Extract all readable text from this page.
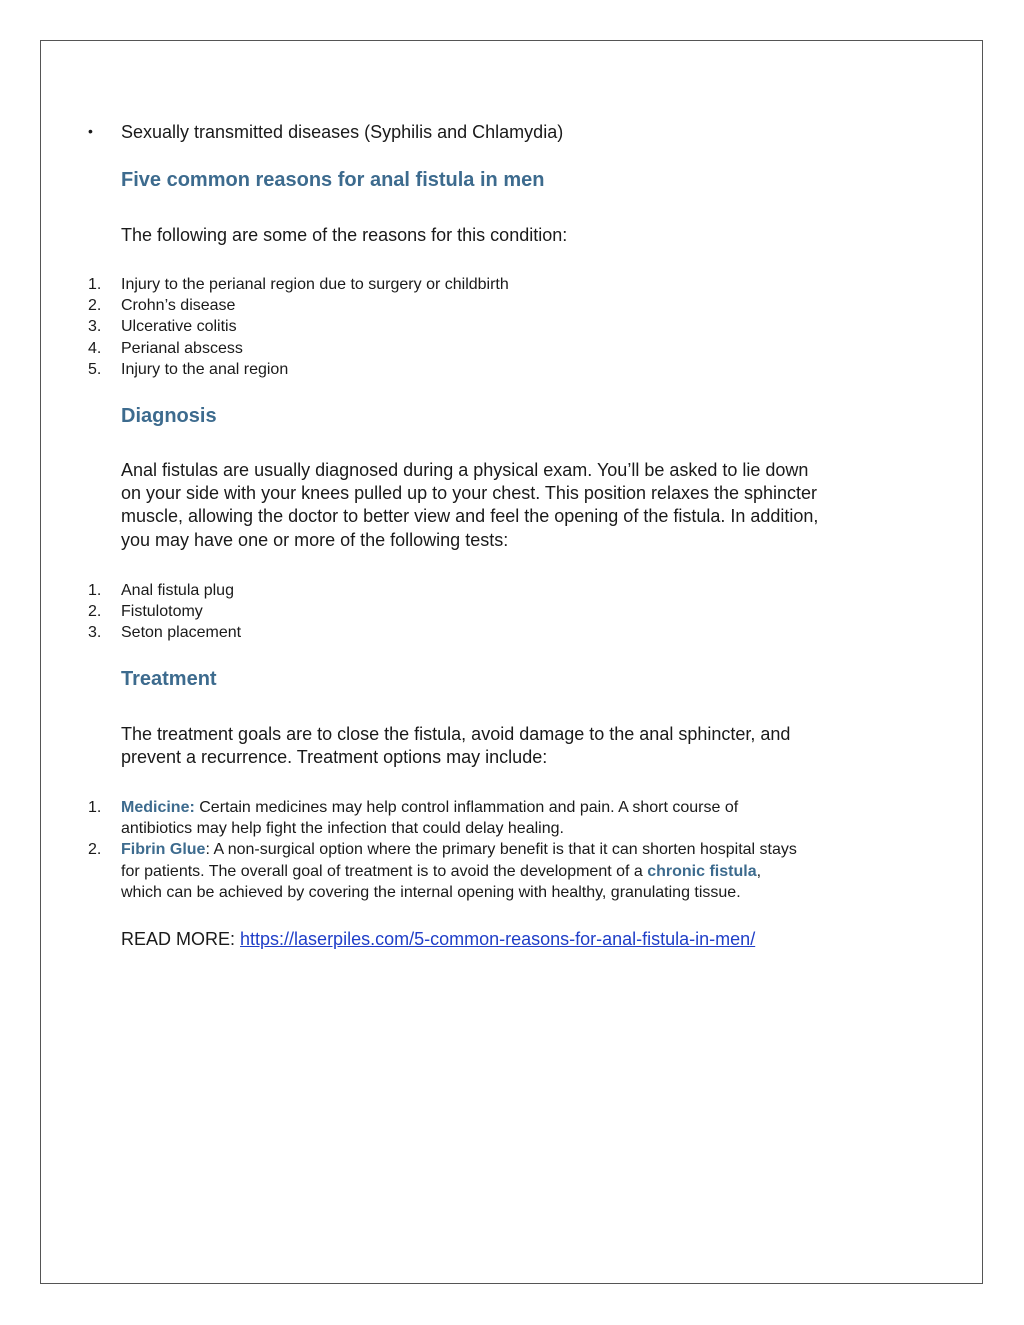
• Sexually transmitted diseases (Syphilis and Chlamydia)

Five common reasons for anal fistula in men

The following are some of the reasons for this condition:

1. Injury to the perianal region due to surgery or childbirth
2. Crohn’s disease
3. Ulcerative colitis
4. Perianal abscess
5. Injury to the anal region
Diagnosis
Anal fistulas are usually diagnosed during a physical exam. You’ll be asked to lie down
on your side with your knees pulled up to your chest. This position relaxes the sphincter
muscle, allowing the doctor to better view and feel the opening of the fistula. In addition,
you may have one or more of the following tests:
1. Anal fistula plug
2. Fistulotomy
3. Seton placement
Treatment
The treatment goals are to close the fistula, avoid damage to the anal sphincter, and
prevent a recurrence. Treatment options may include:
1. Medicine: Certain medicines may help control inflammation and pain. A short course of
antibiotics may help fight the infection that could delay healing.
2. Fibrin Glue: A non-surgical option where the primary benefit is that it can shorten hospital stays
for patients. The overall goal of treatment is to avoid the development of a chronic fistula,
which can be achieved by covering the internal opening with healthy, granulating tissue.

READ MORE: https://laserpiles.com/5-common-reasons-for-anal-fistula-in-men/
